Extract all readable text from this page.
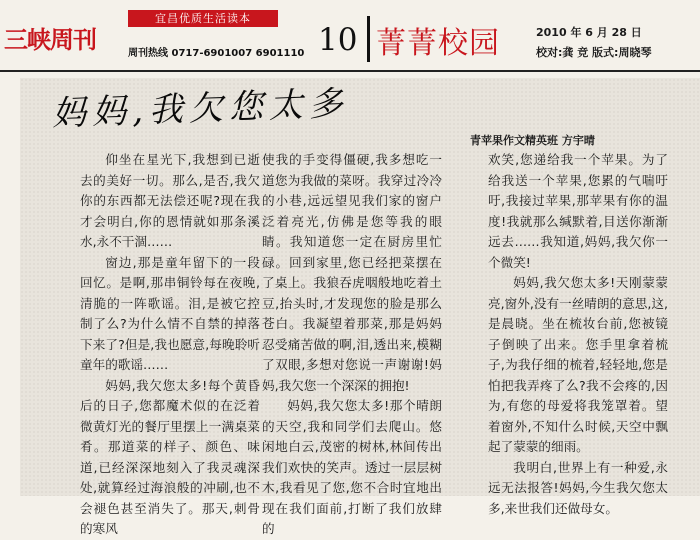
三峡周刊
宜昌优质生活读本
周刊热线 0717-6901007 6901110 10 菁菁校园	2010 年 6 月 28 日
校对:龚 竞 版式:周晓琴
妈妈,我欠您太多
青苹果作文精英班 方宇晴

仰坐在星光下,我想到已逝去的美好一切。那么,是否,我欠你的东西都无法偿还呢?现在我才会明白,你的恩情就如那条溪水,永不干涸……

窗边,那是童年留下的一段回忆。是啊,那串铜铃每在夜晚,清脆的一阵歌谣。泪,是被它控制了么?为什么情不自禁的掉落下来了?但是,我也愿意,每晚聆听童年的歌谣……

妈妈,我欠您太多!每个黄昏后的日子,您都魔术似的在泛着微黄灯光的餐厅里摆上一满桌菜肴。那道菜的样子、颜色、味道,已经深深地刻入了我灵魂深处,就算经过海浪般的冲刷,也不会褪色甚至消失了。那天,刺骨的寒风

使我的手变得僵硬,我多想吃一道您为我做的菜呀。我穿过冷冷的小巷,远远望见我们家的窗户泛着亮光,仿佛是您等我的眼睛。我知道您一定在厨房里忙碌。回到家里,您已经把菜摆在了桌上。我狼吞虎咽般地吃着土豆,抬头时,才发现您的脸是那么苍白。我凝望着那菜,那是妈妈忍受痛苦做的啊,泪,透出来,模糊了双眼,多想对您说一声谢谢!妈妈,我欠您一个深深的拥抱!

妈妈,我欠您太多!那个晴朗的天空,我和同学们去爬山。悠闲地白云,茂密的树林,林间传出我们欢快的笑声。透过一层层树木,我看见了您,您不合时宜地出现在我们面前,打断了我们放肆的

欢笑,您递给我一个苹果。为了给我送一个苹果,您累的气喘吁吁,我接过苹果,那苹果有你的温度!我就那么缄默着,目送你渐渐远去……我知道,妈妈,我欠你一个微笑!

妈妈,我欠您太多!天刚蒙蒙亮,窗外,没有一丝晴朗的意思,这,是晨晓。坐在梳妆台前,您被镜子倒映了出来。您手里拿着梳子,为我仔细的梳着,轻轻地,您是怕把我弄疼了么?我不会疼的,因为,有您的母爱将我笼罩着。望着窗外,不知什么时候,天空中飘起了蒙蒙的细雨。

我明白,世界上有一种爱,永远无法报答!妈妈,今生我欠您太多,来世我们还做母女。
